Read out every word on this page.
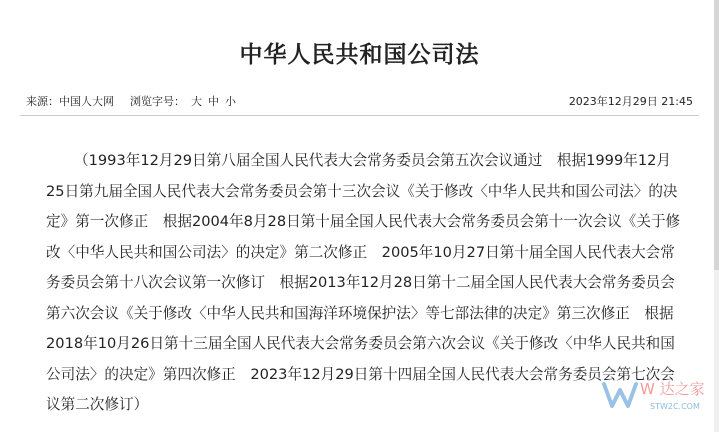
中华人民共和国公司法
来源：中国人大网 浏览字号： 大 中 小	2023年12月29日 21:45

（1993年12月29日第八届全国人民代表大会常务委员会第五次会议通过　根据1999年12月25日第九届全国人民代表大会常务委员会第十三次会议《关于修改〈中华人民共和国公司法〉的决定》第一次修正　根据2004年8月28日第十届全国人民代表大会常务委员会第十一次会议《关于修改〈中华人民共和国公司法〉的决定》第二次修正　2005年10月27日第十届全国人民代表大会常务委员会第十八次会议第一次修订　根据2013年12月28日第十二届全国人民代表大会常务委员会第六次会议《关于修改〈中华人民共和国海洋环境保护法〉等七部法律的决定》第三次修正　根据2018年10月26日第十三届全国人民代表大会常务委员会第六次会议《关于修改〈中华人民共和国公司法〉的决定》第四次修正　2023年12月29日第十四届全国人民代表大会常务委员会第七次会议第二次修订）

W 达之家
STW2C.COM
